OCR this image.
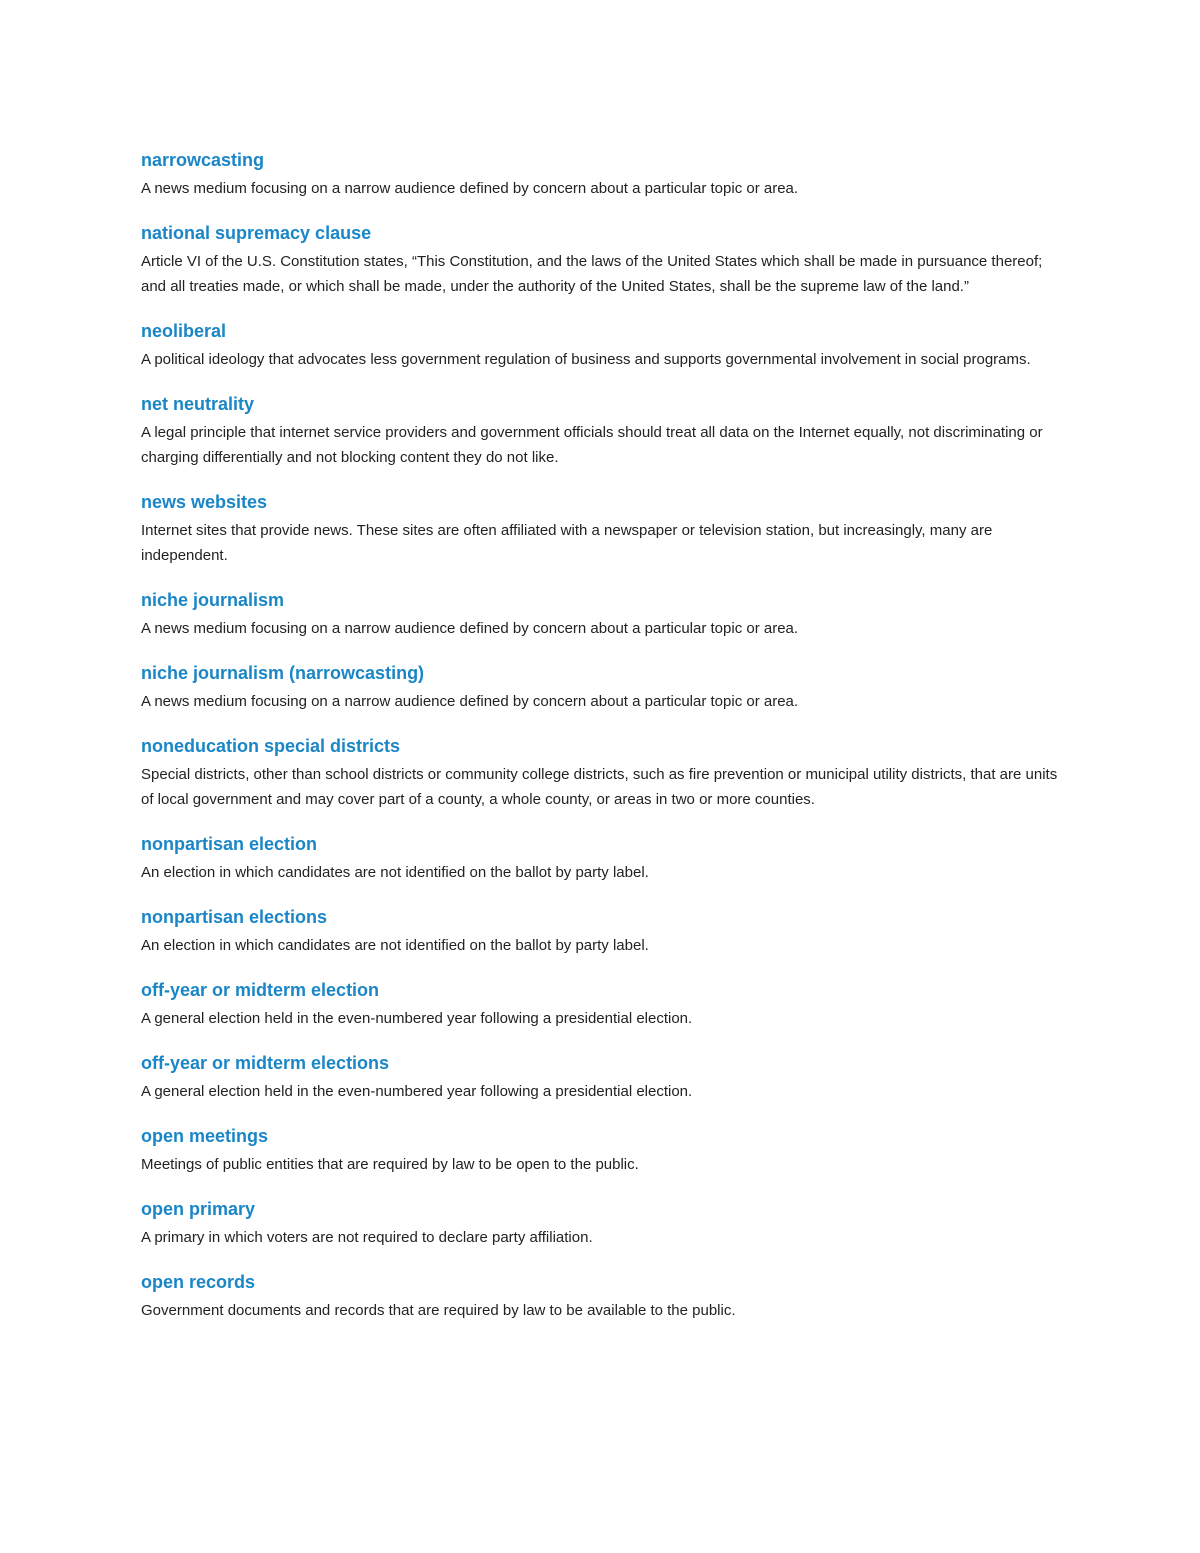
narrowcasting

A news medium focusing on a narrow audience defined by concern about a particular topic or area.

national supremacy clause

Article VI of the U.S. Constitution states, “This Constitution, and the laws of the United States which shall be made in pursuance thereof; and all treaties made, or which shall be made, under the authority of the United States, shall be the supreme law of the land.”

neoliberal

A political ideology that advocates less government regulation of business and supports governmental involvement in social programs.

net neutrality

A legal principle that internet service providers and government officials should treat all data on the Internet equally, not discriminating or charging differentially and not blocking content they do not like.

news websites

Internet sites that provide news. These sites are often affiliated with a newspaper or television station, but increasingly, many are independent.

niche journalism

A news medium focusing on a narrow audience defined by concern about a particular topic or area.

niche journalism (narrowcasting)

A news medium focusing on a narrow audience defined by concern about a particular topic or area.

noneducation special districts

Special districts, other than school districts or community college districts, such as fire prevention or municipal utility districts, that are units of local government and may cover part of a county, a whole county, or areas in two or more counties.

nonpartisan election

An election in which candidates are not identified on the ballot by party label.

nonpartisan elections

An election in which candidates are not identified on the ballot by party label.

off-year or midterm election

A general election held in the even-numbered year following a presidential election.

off-year or midterm elections

A general election held in the even-numbered year following a presidential election.

open meetings

Meetings of public entities that are required by law to be open to the public.

open primary

A primary in which voters are not required to declare party affiliation.

open records

Government documents and records that are required by law to be available to the public.
